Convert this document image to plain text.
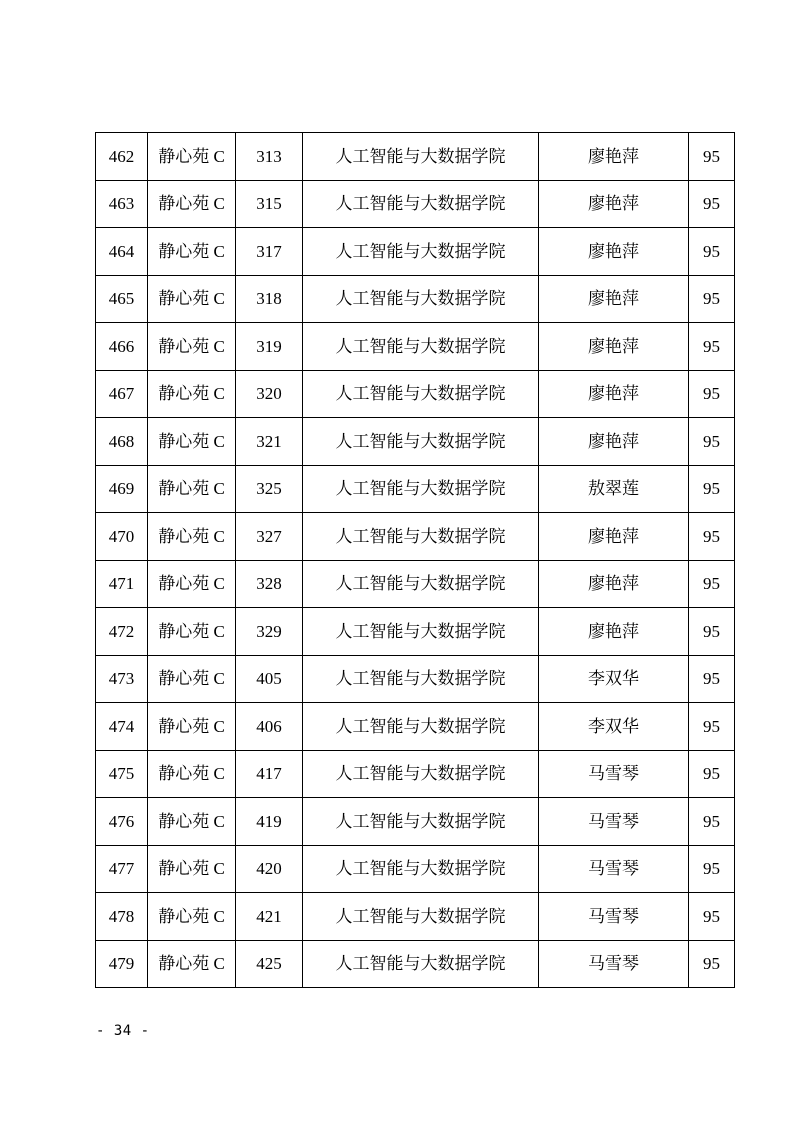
462	静心苑 C	313	人工智能与大数据学院	廖艳萍	95
463	静心苑 C	315	人工智能与大数据学院	廖艳萍	95
464	静心苑 C	317	人工智能与大数据学院	廖艳萍	95
465	静心苑 C	318	人工智能与大数据学院	廖艳萍	95
466	静心苑 C	319	人工智能与大数据学院	廖艳萍	95
467	静心苑 C	320	人工智能与大数据学院	廖艳萍	95
468	静心苑 C	321	人工智能与大数据学院	廖艳萍	95
469	静心苑 C	325	人工智能与大数据学院	敖翠莲	95
470	静心苑 C	327	人工智能与大数据学院	廖艳萍	95
471	静心苑 C	328	人工智能与大数据学院	廖艳萍	95
472	静心苑 C	329	人工智能与大数据学院	廖艳萍	95
473	静心苑 C	405	人工智能与大数据学院	李双华	95
474	静心苑 C	406	人工智能与大数据学院	李双华	95
475	静心苑 C	417	人工智能与大数据学院	马雪琴	95
476	静心苑 C	419	人工智能与大数据学院	马雪琴	95
477	静心苑 C	420	人工智能与大数据学院	马雪琴	95
478	静心苑 C	421	人工智能与大数据学院	马雪琴	95
479	静心苑 C	425	人工智能与大数据学院	马雪琴	95
- 34 -
